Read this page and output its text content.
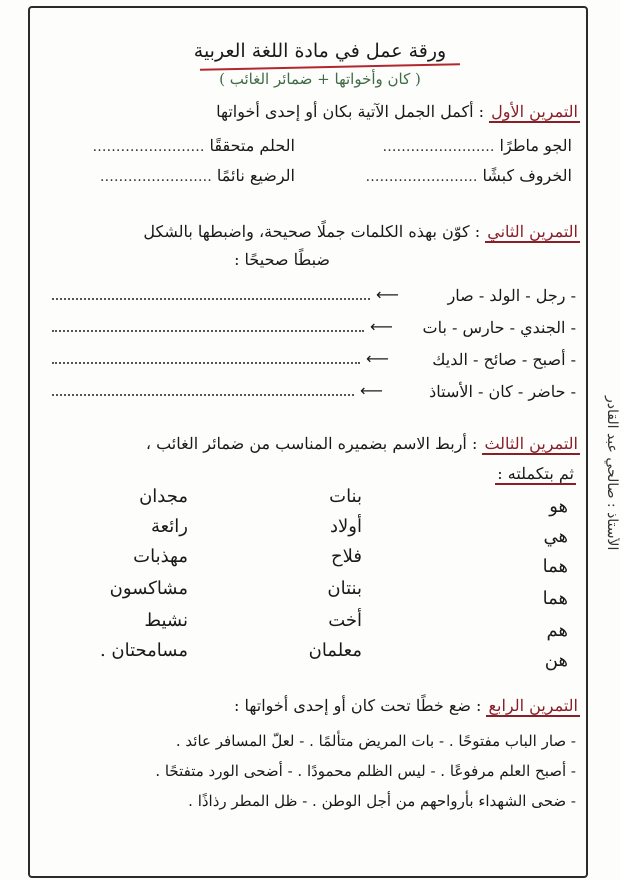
ورقة عمل في مادة اللغة العربية
( كان وأخواتها + ضمائر الغائب )
التمرين الأول : أكمل الجمل الآتية بكان أو إحدى أخواتها
الجو ماطرًا ……………………
الحلم متحققًا ……………………
الخروف كبشًا ……………………
الرضيع نائمًا ……………………
التمرين الثاني : كوّن بهذه الكلمات جملًا صحيحة، واضبطها بالشكل
ضبطًا صحيحًا :
- رجل - الولد - صار
⟵
- الجندي - حارس - بات
⟵
- أصبح - صائح - الديك
⟵
- حاضر - كان - الأستاذ
⟵
التمرين الثالث : أربط الاسم بضميره المناسب من ضمائر الغائب ،
ثم بتكملته :
هو
هي
هما
هما
هم
هن
بنات
أولاد
فلاح
بنتان
أخت
معلمان
مجدان
رائعة
مهذبات
مشاكسون
نشيط
مسامحتان .
التمرين الرابع : ضع خطًا تحت كان أو إحدى أخواتها :
- صار الباب مفتوحًا . - بات المريض متألمًا . - لعلّ المسافر عائد .
- أصبح العلم مرفوعًا . - ليس الظلم محمودًا . - أضحى الورد متفتحًا .
- ضحى الشهداء بأرواحهم من أجل الوطن . - ظل المطر رذاذًا .
الأستاذ : صالحي عبد القادر
